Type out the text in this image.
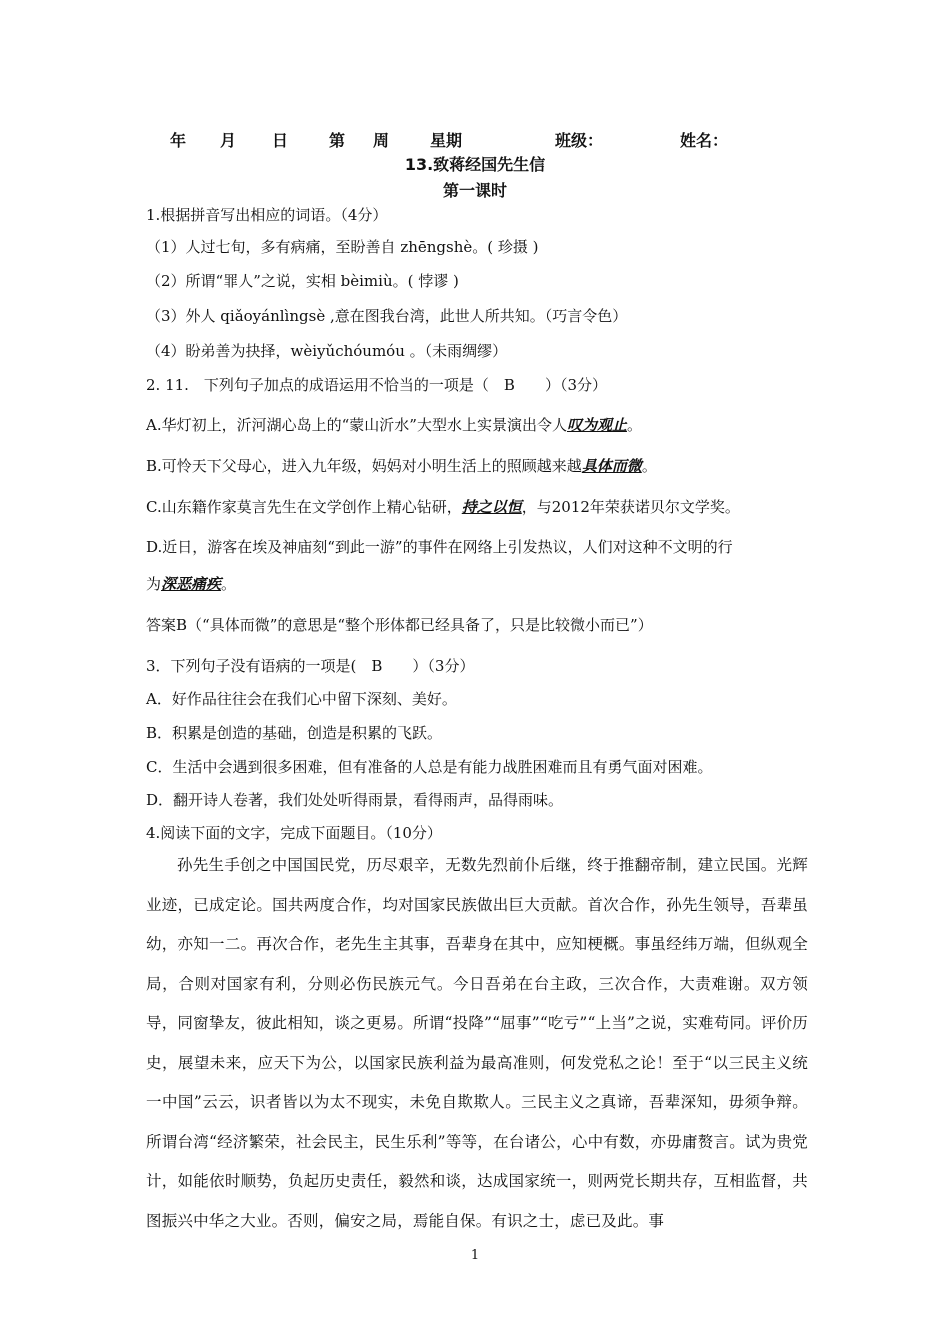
年 月 日	第 周	星期	班级：	姓名：
13.致蒋经国先生信
第一课时
1.根据拼音写出相应的词语。（4分）
（1）人过七旬，多有病痛，至盼善自 zhēngshè。( 珍摄 )
（2）所谓“罪人”之说，实相 bèimiù。( 悖谬 )
（3）外人 qiǎoyánlìngsè ,意在图我台湾，此世人所共知。（巧言令色）
（4）盼弟善为抉择，wèiyǔchóumóu 。（未雨绸缪）
2. 11.　下列句子加点的成语运用不恰当的一项是（　B　　）（3分）
A.华灯初上，沂河湖心岛上的“蒙山沂水”大型水上实景演出令人叹为观止。
B.可怜天下父母心，进入九年级，妈妈对小明生活上的照顾越来越具体而微。
C.山东籍作家莫言先生在文学创作上精心钻研，持之以恒，与2012年荣获诺贝尔文学奖。
D.近日，游客在埃及神庙刻“到此一游”的事件在网络上引发热议，人们对这种不文明的行
为深恶痛疾。
答案B（“具体而微”的意思是“整个形体都已经具备了，只是比较微小而已”）
3．下列句子没有语病的一项是(　B　　）（3分）
A．好作品往往会在我们心中留下深刻、美好。
B．积累是创造的基础，创造是积累的飞跃。
C．生活中会遇到很多困难，但有准备的人总是有能力战胜困难而且有勇气面对困难。
D．翻开诗人卷著，我们处处听得雨景，看得雨声，品得雨味。
4.阅读下面的文字，完成下面题目。（10分）
孙先生手创之中国国民党，历尽艰辛，无数先烈前仆后继，终于推翻帝制，建立民国。光辉业迹，已成定论。国共两度合作，均对国家民族做出巨大贡献。首次合作，孙先生领导，吾辈虽幼，亦知一二。再次合作，老先生主其事，吾辈身在其中，应知梗概。事虽经纬万端，但纵观全局，合则对国家有利，分则必伤民族元气。今日吾弟在台主政，三次合作，大责难谢。双方领导，同窗挚友，彼此相知，谈之更易。所谓“投降”“屈事”“吃亏”“上当”之说，实难苟同。评价历史，展望未来，应天下为公，以国家民族利益为最高准则，何发党私之论！至于“以三民主义统一中国”云云，识者皆以为太不现实，未免自欺欺人。三民主义之真谛，吾辈深知，毋须争辩。所谓台湾“经济繁荣，社会民主，民生乐利”等等，在台诸公，心中有数，亦毋庸赘言。试为贵党计，如能依时顺势，负起历史责任，毅然和谈，达成国家统一，则两党长期共存，互相监督，共图振兴中华之大业。否则，偏安之局，焉能自保。有识之士，虑已及此。事
1
